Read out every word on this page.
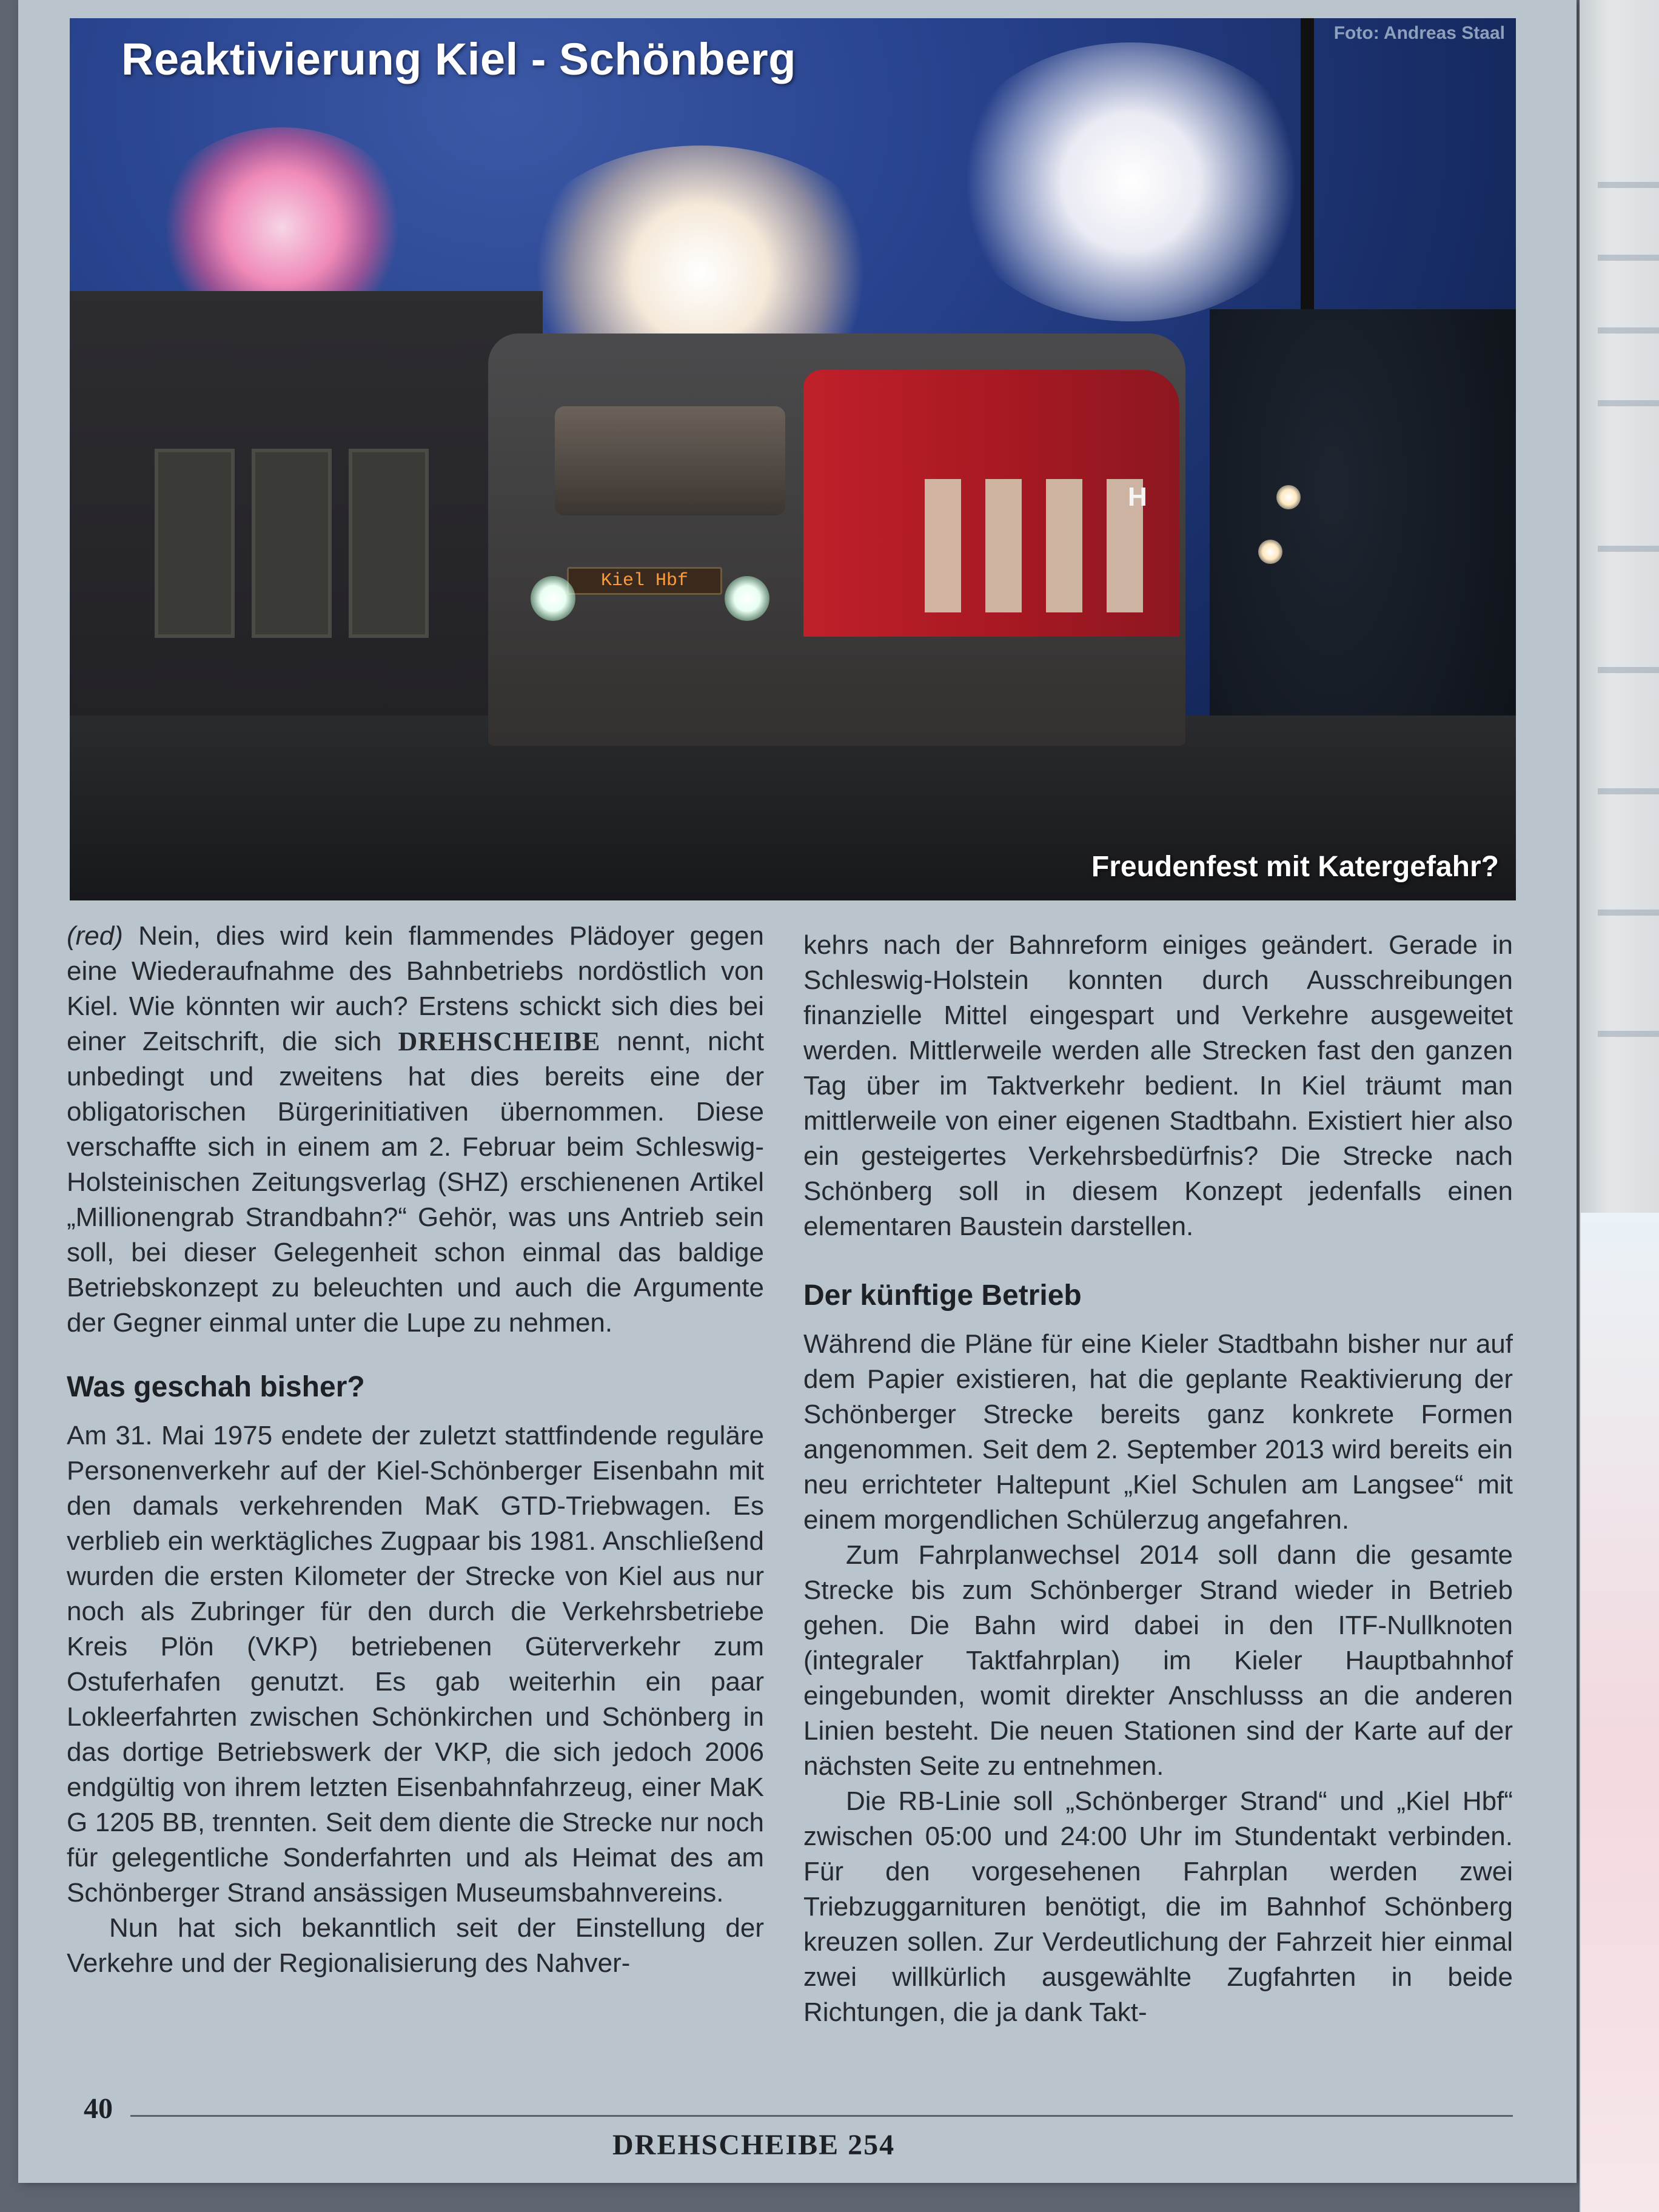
Kiel Hbf
H
Reaktivierung Kiel - Schönberg
Foto: Andreas Staal
Freudenfest mit Katergefahr?

(red) Nein, dies wird kein flammendes Plädoyer gegen eine Wiederaufnahme des Bahnbetriebs nordöstlich von Kiel. Wie könnten wir auch? Erstens schickt sich dies bei einer Zeitschrift, die sich DREHSCHEIBE nennt, nicht unbedingt und zweitens hat dies bereits eine der obligatorischen Bürgerinitiativen übernommen. Diese verschaffte sich in einem am 2. Februar beim Schleswig-Holsteinischen Zeitungsverlag (SHZ) erschienenen Artikel „Millionengrab Strandbahn?“ Gehör, was uns Antrieb sein soll, bei dieser Gelegenheit schon einmal das baldige Betriebskonzept zu beleuchten und auch die Argumente der Gegner einmal unter die Lupe zu nehmen.

Was geschah bisher?

Am 31. Mai 1975 endete der zuletzt stattfindende reguläre Personenverkehr auf der Kiel-Schönberger Eisenbahn mit den damals verkehrenden MaK GTD-Triebwagen. Es verblieb ein werktägliches Zugpaar bis 1981. Anschließend wurden die ersten Kilometer der Strecke von Kiel aus nur noch als Zubringer für den durch die Verkehrsbetriebe Kreis Plön (VKP) betriebenen Güterverkehr zum Ostuferhafen genutzt. Es gab weiterhin ein paar Lokleerfahrten zwischen Schönkirchen und Schönberg in das dortige Betriebswerk der VKP, die sich jedoch 2006 endgültig von ihrem letzten Eisenbahnfahrzeug, einer MaK G 1205 BB, trennten. Seit dem diente die Strecke nur noch für gelegentliche Sonderfahrten und als Heimat des am Schönberger Strand ansässigen Museumsbahnvereins.

Nun hat sich bekanntlich seit der Einstellung der Verkehre und der Regionalisierung des Nahver-

kehrs nach der Bahnreform einiges geändert. Gerade in Schleswig-Holstein konnten durch Ausschreibungen finanzielle Mittel eingespart und Verkehre ausgeweitet werden. Mittlerweile werden alle Strecken fast den ganzen Tag über im Taktverkehr bedient. In Kiel träumt man mittlerweile von einer eigenen Stadtbahn. Existiert hier also ein gesteigertes Verkehrsbedürfnis? Die Strecke nach Schönberg soll in diesem Konzept jedenfalls einen elementaren Baustein darstellen.

Der künftige Betrieb

Während die Pläne für eine Kieler Stadtbahn bisher nur auf dem Papier existieren, hat die geplante Reaktivierung der Schönberger Strecke bereits ganz konkrete Formen angenommen. Seit dem 2. September 2013 wird bereits ein neu errichteter Haltepunt „Kiel Schulen am Langsee“ mit einem morgendlichen Schülerzug angefahren.

Zum Fahrplanwechsel 2014 soll dann die gesamte Strecke bis zum Schönberger Strand wieder in Betrieb gehen. Die Bahn wird dabei in den ITF-Nullknoten (integraler Taktfahrplan) im Kieler Hauptbahnhof eingebunden, womit direkter Anschlusss an die anderen Linien besteht. Die neuen Stationen sind der Karte auf der nächsten Seite zu entnehmen.

Die RB-Linie soll „Schönberger Strand“ und „Kiel Hbf“ zwischen 05:00 und 24:00 Uhr im Stundentakt verbinden. Für den vorgesehenen Fahrplan werden zwei Triebzuggarnituren benötigt, die im Bahnhof Schönberg kreuzen sollen. Zur Verdeutlichung der Fahrzeit hier einmal zwei willkürlich ausgewählte Zugfahrten in beide Richtungen, die ja dank Takt-

40
DREHSCHEIBE 254
